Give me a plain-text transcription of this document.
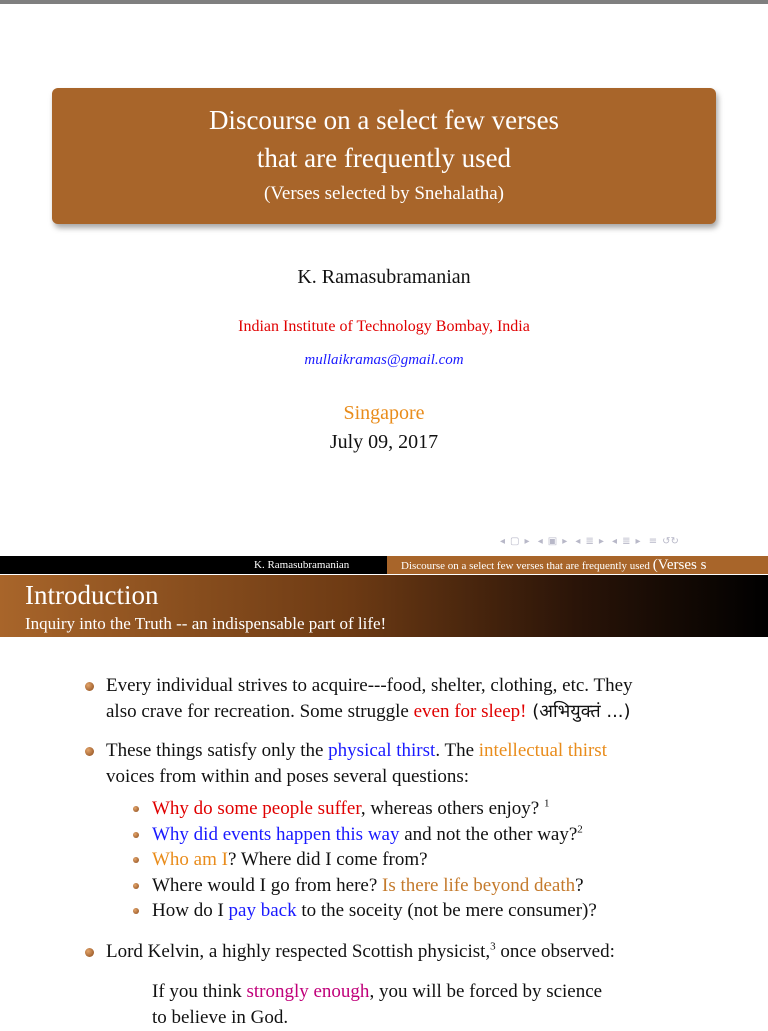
Discourse on a select few verses
that are frequently used
(Verses selected by Snehalatha)
K. Ramasubramanian
Indian Institute of Technology Bombay, India
mullaikramas@gmail.com
Singapore
July 09, 2017
◂ ▢ ▸ ◂ ▣ ▸ ◂ ≣ ▸ ◂ ≣ ▸ ≡ ↺↻
K. Ramasubramanian	Discourse on a select few verses that are frequently used (Verses s
Introduction
Inquiry into the Truth -- an indispensable part of life!
Every individual strives to acquire---food, shelter, clothing, etc. They
also crave for recreation. Some struggle even for sleep! (अभियुक्तं ...)
These things satisfy only the physical thirst. The intellectual thirst
voices from within and poses several questions:
Why do some people suffer, whereas others enjoy? $^1$
Why did events happen this way and not the other way?$^2$
Who am I? Where did I come from?
Where would I go from here? Is there life beyond death?
How do I pay back to the soceity (not be mere consumer)?
Lord Kelvin, a highly respected Scottish physicist,$^3$ once observed:
If you think strongly enough, you will be forced by science
to believe in God.
